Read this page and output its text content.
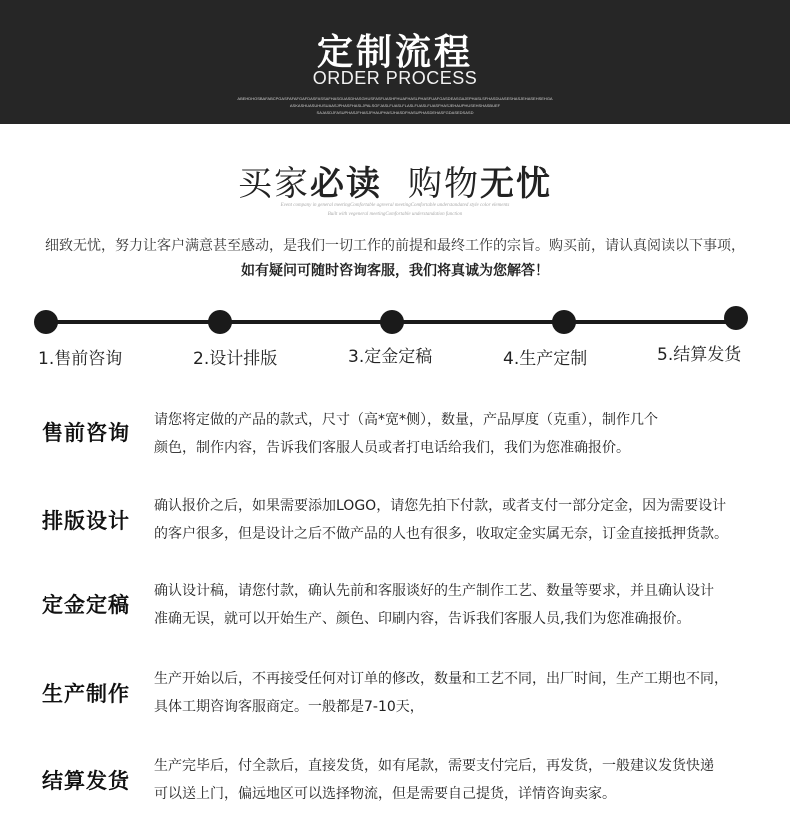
定制流程
ORDER PROCESS
ABEHDHOSBAFABCPGASFAFAFGAFDASFASSAFHASGUASDHASGHUSFASFUASHFHUAFHASLPHASFUAFGASDEASGAJEPHASLSFHASDUASESHASJEHASEHSEHGA
ASKASHUASUHUSUAASJPHASFHASLJPALSGFJASLFUASLFLASLFUASLFUASFHASJEHAUPHUSEHSHASBUEF
SAJASDJFASUPHASJFHASJFHAUPHASJHASDFHASUPHASDEHASFGDASEDSASD
买家必读 购物无忧
Event company in general meetingComfortable agreeral meetingComfortable understandated style color elements
Built with vegeneral meetingComfortable understandation function
细致无忧，努力让客户满意甚至感动，是我们一切工作的前提和最终工作的宗旨。购买前，请认真阅读以下事项，
如有疑问可随时咨询客服，我们将真诚为您解答！
1.售前咨询	2.设计排版	3.定金定稿	4.生产定制	5.结算发货
售前咨询
请您将定做的产品的款式，尺寸（高*宽*侧），数量，产品厚度（克重），制作几个
颜色，制作内容，告诉我们客服人员或者打电话给我们，我们为您准确报价。
排版设计
确认报价之后，如果需要添加LOGO，请您先拍下付款，或者支付一部分定金，因为需要设计
的客户很多，但是设计之后不做产品的人也有很多，收取定金实属无奈，订金直接抵押货款。
定金定稿
确认设计稿，请您付款，确认先前和客服谈好的生产制作工艺、数量等要求，并且确认设计
准确无误，就可以开始生产、颜色、印刷内容，告诉我们客服人员,我们为您准确报价。
生产制作
生产开始以后，不再接受任何对订单的修改，数量和工艺不同，出厂时间，生产工期也不同，
具体工期咨询客服商定。一般都是7-10天，
结算发货
生产完毕后，付全款后，直接发货，如有尾款，需要支付完后，再发货，一般建议发货快递
可以送上门，偏远地区可以选择物流，但是需要自己提货，详情咨询卖家。
